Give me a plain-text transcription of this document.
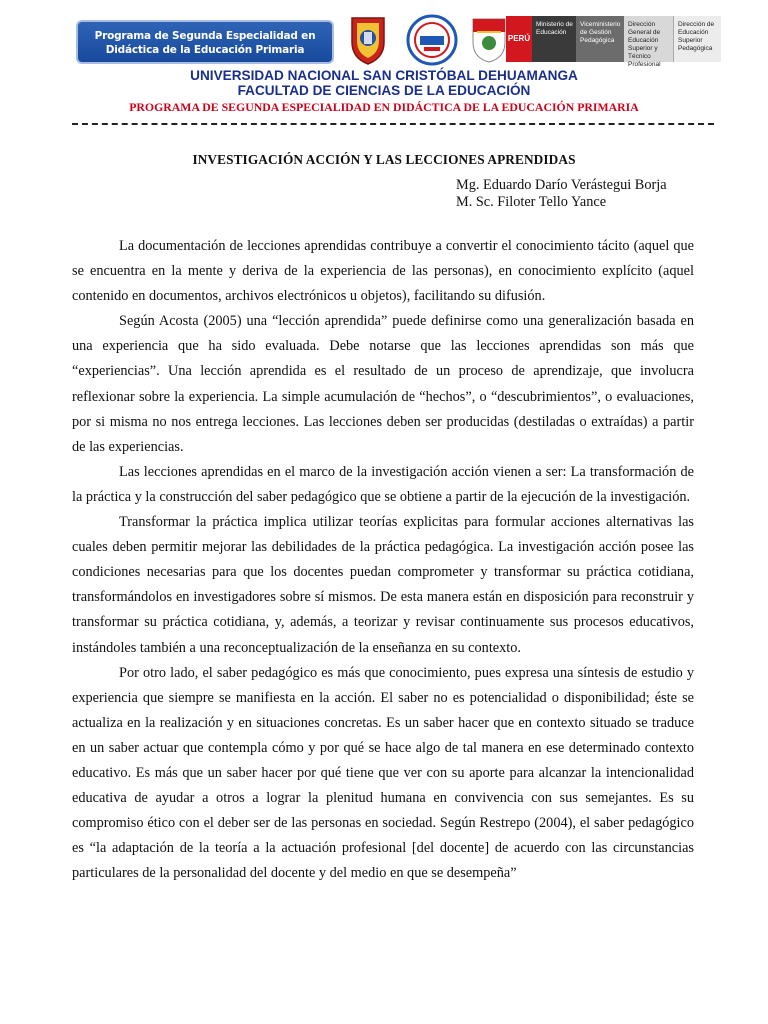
Programa de Segunda Especialidad en
Didáctica de la Educación Primaria
PERÚ
Ministerio de Educación
Viceministerio de Gestión Pedagógica
Dirección General de Educación Superior y Técnico Profesional
Dirección de Educación Superior Pedagógica
UNIVERSIDAD NACIONAL SAN CRISTÓBAL DEHUAMANGA
FACULTAD DE CIENCIAS DE LA EDUCACIÓN
PROGRAMA DE SEGUNDA ESPECIALIDAD EN DIDÁCTICA DE LA EDUCACIÓN PRIMARIA
INVESTIGACIÓN ACCIÓN Y LAS LECCIONES APRENDIDAS
Mg. Eduardo Darío Verástegui Borja
M. Sc. Filoter Tello Yance

La documentación de lecciones aprendidas contribuye a convertir el conocimiento tácito (aquel que se encuentra en la mente y deriva de la experiencia de las personas), en conocimiento explícito (aquel contenido en documentos, archivos electrónicos u objetos), facilitando su difusión.

Según Acosta (2005) una “lección aprendida” puede definirse como una generalización basada en una experiencia que ha sido evaluada. Debe notarse que las lecciones aprendidas son más que “experiencias”. Una lección aprendida es el resultado de un proceso de aprendizaje, que involucra reflexionar sobre la experiencia. La simple acumulación de “hechos”, o “descubrimientos”, o evaluaciones, por si misma no nos entrega lecciones. Las lecciones deben ser producidas (destiladas o extraídas) a partir de las experiencias.

Las lecciones aprendidas en el marco de la investigación acción vienen a ser: La transformación de la práctica y la construcción del saber pedagógico que se obtiene a partir de la ejecución de la investigación.

Transformar la práctica implica utilizar teorías explicitas para formular acciones alternativas las cuales deben permitir mejorar las debilidades de la práctica pedagógica. La investigación acción posee las condiciones necesarias para que los docentes puedan comprometer y transformar su práctica cotidiana, transformándolos en investigadores sobre sí mismos. De esta manera están en disposición para reconstruir y transformar su práctica cotidiana, y, además, a teorizar y revisar continuamente sus procesos educativos, instándoles también a una reconceptualización de la enseñanza en su contexto.

Por otro lado, el saber pedagógico es más que conocimiento, pues expresa una síntesis de estudio y experiencia que siempre se manifiesta en la acción. El saber no es potencialidad o disponibilidad; éste se actualiza en la realización y en situaciones concretas. Es un saber hacer que en contexto situado se traduce en un saber actuar que contempla cómo y por qué se hace algo de tal manera en ese determinado contexto educativo. Es más que un saber hacer por qué tiene que ver con su aporte para alcanzar la intencionalidad educativa de ayudar a otros a lograr la plenitud humana en convivencia con sus semejantes. Es su compromiso ético con el deber ser de las personas en sociedad. Según Restrepo (2004), el saber pedagógico es “la adaptación de la teoría a la actuación profesional [del docente] de acuerdo con las circunstancias particulares de la personalidad del docente y del medio en que se desempeña”
